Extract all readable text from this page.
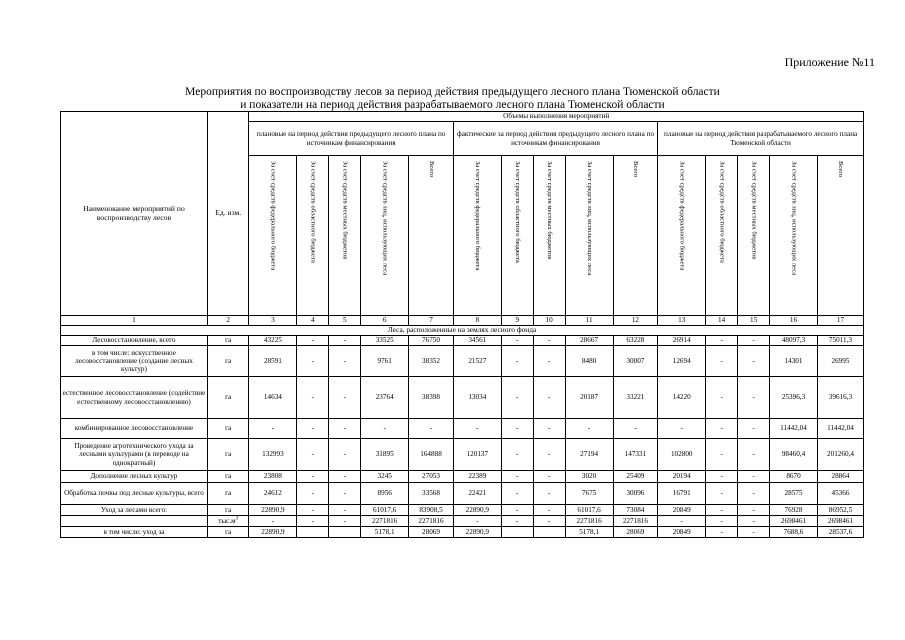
Приложение №11
Мероприятия по воспроизводству лесов за период действия предыдущего лесного плана Тюменской области
и показатели на период действия разрабатываемого лесного плана Тюменской области
Наименование мероприятий по воспроизводству лесов	Ед. изм.	Объемы выполнения мероприятий														
		плановые на период действия предыдущего лесного плана по источникам финансирования					фактические за период действия предыдущего лесного плана по источникам финансирования					плановые на период действия разрабатываемого лесного плана Тюменской области				
		За счет средств федерального бюджета	За счет средств областного бюджета	За счет средств местных бюджетов	За счет средств лиц, использующих леса	Всего	За счет средств федерального бюджета	За счет средств областного бюджета	За счет средств местных бюджетов	За счет средств лиц, использующих леса	Всего	За счет средств федерального бюджета	За счет средств областного бюджета	За счет средств местных бюджетов	За счет средств лиц, использующих леса	Всего
1	2	3	4	5	6	7	8	9	10	11	12	13	14	15	16	17
Леса, расположенные на землях лесного фонда																
Лесовосстановление, всего	га	43225	-	-	33525	76750	34561	-	-	28667	63228	26914	-	-	48097,3	75011,3
в том числе: искусственное лесовосстановление (создание лесных культур)	га	28591	-	-	9761	38352	21527	-	-	8480	30007	12694	-	-	14301	26995
естественное лесовосстановление (содействие естественному лесовосстановлению)	га	14634	-	-	23764	38398	13034	-	-	20187	33221	14220	-	-	25396,3	39616,3
комбинированное лесовосстановление	га	-	-	-	-	-	-	-	-	-	-	-	-	-	11442,04	11442,04
Проведение агротехнического ухода за лесными культурами (в переводе на однократный)	га	132993	-	-	31895	164888	120137	-	-	27194	147331	102800	-	-	98460,4	201260,4
Дополнение лесных культур	га	23808	-	-	3245	27053	22389	-	-	3020	25409	20194	-	-	8670	28864
Обработка почвы под лесные культуры, всего	га	24612	-	-	8956	33568	22421	-	-	7675	30096	16791	-	-	28575	45366
Уход за лесами всего:	га	22890,9	-	-	61017,6	83908,5	22890,9	-	-	61017,6	73084	20849	-	-	76928	86952,5
	$тыс.м^3$	-	-	-	2271816	2271816	-	-	-	2271816	2271816	-	-	-	2698461	2698461
в том числе: уход за	га	22890,9			5178,1	28069	22890,9			5178,1	28069	20849	-	-	7688,6	28537,6
